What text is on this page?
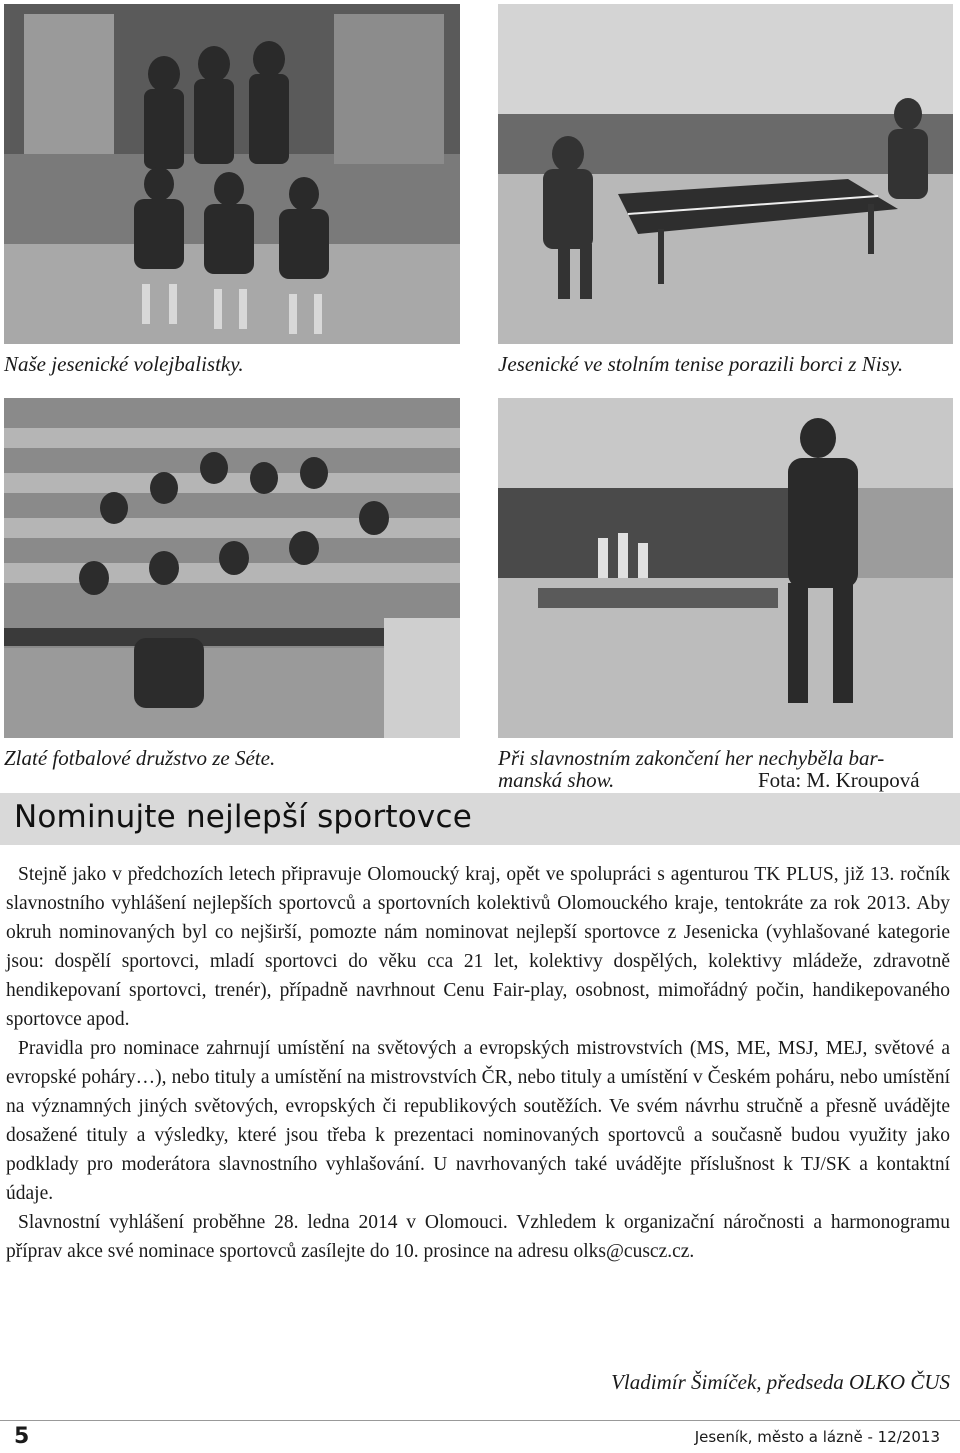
Naše jesenické volejbalistky.	Jesenické ve stolním tenise porazili borci z Nisy.

Zlaté fotbalové družstvo ze Séte.	Při slavnostním zakončení her nechyběla bar-

manská show.	Fota: M. Kroupová

Nominujte nejlepší sportovce

Stejně jako v předchozích letech připravuje Olomoucký kraj, opět ve spolupráci s agenturou TK PLUS, již 13. ročník slavnostního vyhlášení nejlepších sportovců a sportovních kolektivů Olomouckého kraje, tentokráte za rok 2013. Aby okruh nominovaných byl co nejširší, pomozte nám nominovat nejlepší sportovce z Jesenicka (vyhlašované kategorie jsou: dospělí sportovci, mladí sportovci do věku cca 21 let, kolektivy dospělých, kolektivy mládeže, zdravotně hendikepovaní sportovci, trenér), případně navrhnout Cenu Fair-play, osobnost, mimořádný počin, handikepovaného sportovce apod.

Pravidla pro nominace zahrnují umístění na světových a evropských mistrovstvích (MS, ME, MSJ, MEJ, světové a evropské poháry…), nebo tituly a umístění na mistrovstvích ČR, nebo tituly a umístění v Českém poháru, nebo umístění na významných jiných světových, evropských či republikových soutěžích. Ve svém návrhu stručně a přesně uvádějte dosažené tituly a výsledky, které jsou třeba k prezentaci nominovaných sportovců a současně budou využity jako podklady pro moderátora slavnostního vyhlašování. U navrhovaných také uvádějte příslušnost k TJ/SK a kontaktní údaje.

Slavnostní vyhlášení proběhne 28. ledna 2014 v Olomouci. Vzhledem k organizační náročnosti a harmonogramu příprav akce své nominace sportovců zasílejte do 10. prosince na adresu olks@cuscz.cz.

Vladimír Šimíček, předseda OLKO ČUS

5	Jeseník, město a lázně - 12/2013
